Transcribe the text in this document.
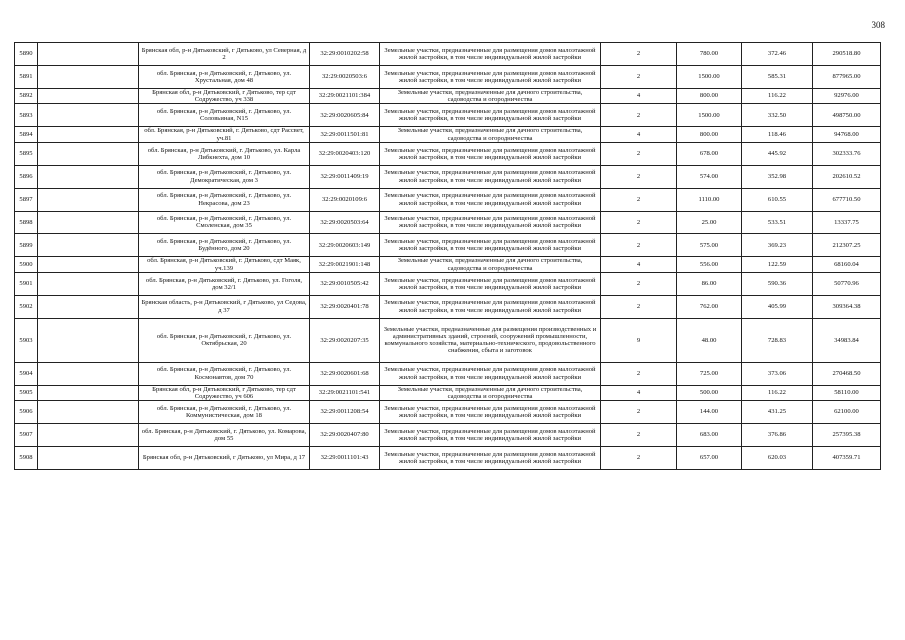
308
5890		Брянская обл, р-н Дятьковский, г Дятьково, ул Северная, д 2	32:29:0010202:58	Земельные участки, предназначенные для размещения домов малоэтажной жилой застройки, в том числе индивидуальной жилой застройки	2	780.00	372.46	290518.80
5891		обл. Брянская, р-н Дятьковский, г. Дятьково, ул. Хрустальная, дом 48	32:29:0020503:6	Земельные участки, предназначенные для размещения домов малоэтажной жилой застройки, в том числе индивидуальной жилой застройки	2	1500.00	585.31	877965.00
5892		Брянская обл, р-н Дятьковский, г Дятьково, тер сдт Содружество, уч 338	32:29:0021101:384	Земельные участки, предназначенные для дачного строительства, садоводства и огородничества	4	800.00	116.22	92976.00
5893		обл. Брянская, р-н Дятьковский, г. Дятьково, ул. Соловьиная, N15	32:29:0020605:84	Земельные участки, предназначенные для размещения домов малоэтажной жилой застройки, в том числе индивидуальной жилой застройки	2	1500.00	332.50	498750.00
5894		обл. Брянская, р-н Дятьковский, г. Дятьково, сдт Рассвет, уч.81	32:29:0011501:81	Земельные участки, предназначенные для дачного строительства, садоводства и огородничества	4	800.00	118.46	94768.00
5895		обл. Брянская, р-н Дятьковский, г. Дятьково, ул. Карла Либкнехта, дом 10	32:29:0020403:120	Земельные участки, предназначенные для размещения домов малоэтажной жилой застройки, в том числе индивидуальной жилой застройки	2	678.00	445.92	302333.76
5896		обл. Брянская, р-н Дятьковский, г. Дятьково, ул. Демократическая, дом 3	32:29:0011409:19	Земельные участки, предназначенные для размещения домов малоэтажной жилой застройки, в том числе индивидуальной жилой застройки	2	574.00	352.98	202610.52
5897		обл. Брянская, р-н Дятьковский, г. Дятьково, ул. Некрасова, дом 23	32:29:0020109:6	Земельные участки, предназначенные для размещения домов малоэтажной жилой застройки, в том числе индивидуальной жилой застройки	2	1110.00	610.55	677710.50
5898		обл. Брянская, р-н Дятьковский, г. Дятьково, ул. Смоленская, дом 35	32:29:0020503:64	Земельные участки, предназначенные для размещения домов малоэтажной жилой застройки, в том числе индивидуальной жилой застройки	2	25.00	533.51	13337.75
5899		обл. Брянская, р-н Дятьковский, г. Дятьково, ул. Будённого, дом 20	32:29:0020603:149	Земельные участки, предназначенные для размещения домов малоэтажной жилой застройки, в том числе индивидуальной жилой застройки	2	575.00	369.23	212307.25
5900		обл. Брянская, р-н Дятьковский, г. Дятьково, сдт Маяк, уч.139	32:29:0021901:148	Земельные участки, предназначенные для дачного строительства, садоводства и огородничества	4	556.00	122.59	68160.04
5901		обл. Брянская, р-н Дятьковский, г. Дятьково, ул. Гоголя, дом 32/1	32:29:0010505:42	Земельные участки, предназначенные для размещения домов малоэтажной жилой застройки, в том числе индивидуальной жилой застройки	2	86.00	590.36	50770.96
5902		Брянская область, р-н Дятьковский, г Дятьково, ул Седова, д 37	32:29:0020401:78	Земельные участки, предназначенные для размещения домов малоэтажной жилой застройки, в том числе индивидуальной жилой застройки	2	762.00	405.99	309364.38
5903		обл. Брянская, р-н Дятьковский, г. Дятьково, ул. Октябрьская, 20	32:29:0020207:35	Земельные участки, предназначенные для размещения производственных и административных зданий, строений, сооружений промышленности, коммунального хозяйства, материально-технического, продовольственного снабжения, сбыта и заготовок	9	48.00	728.83	34983.84
5904		обл. Брянская, р-н Дятьковский, г. Дятьково, ул. Космонавтов, дом 70	32:29:0020601:68	Земельные участки, предназначенные для размещения домов малоэтажной жилой застройки, в том числе индивидуальной жилой застройки	2	725.00	373.06	270468.50
5905		Брянская обл, р-н Дятьковский, г Дятьково, тер сдт Содружество, уч 606	32:29:0021101:541	Земельные участки, предназначенные для дачного строительства, садоводства и огородничества	4	500.00	116.22	58110.00
5906		обл. Брянская, р-н Дятьковский, г. Дятьково, ул. Коммунистическая, дом 18	32:29:0011208:54	Земельные участки, предназначенные для размещения домов малоэтажной жилой застройки, в том числе индивидуальной жилой застройки	2	144.00	431.25	62100.00
5907		обл. Брянская, р-н Дятьковский, г. Дятьково, ул. Комарова, дом 55	32:29:0020407:80	Земельные участки, предназначенные для размещения домов малоэтажной жилой застройки, в том числе индивидуальной жилой застройки	2	683.00	376.86	257395.38
5908		Брянская обл, р-н Дятьковский, г Дятьково, ул Мира, д 17	32:29:0011101:43	Земельные участки, предназначенные для размещения домов малоэтажной жилой застройки, в том числе индивидуальной жилой застройки	2	657.00	620.03	407359.71
